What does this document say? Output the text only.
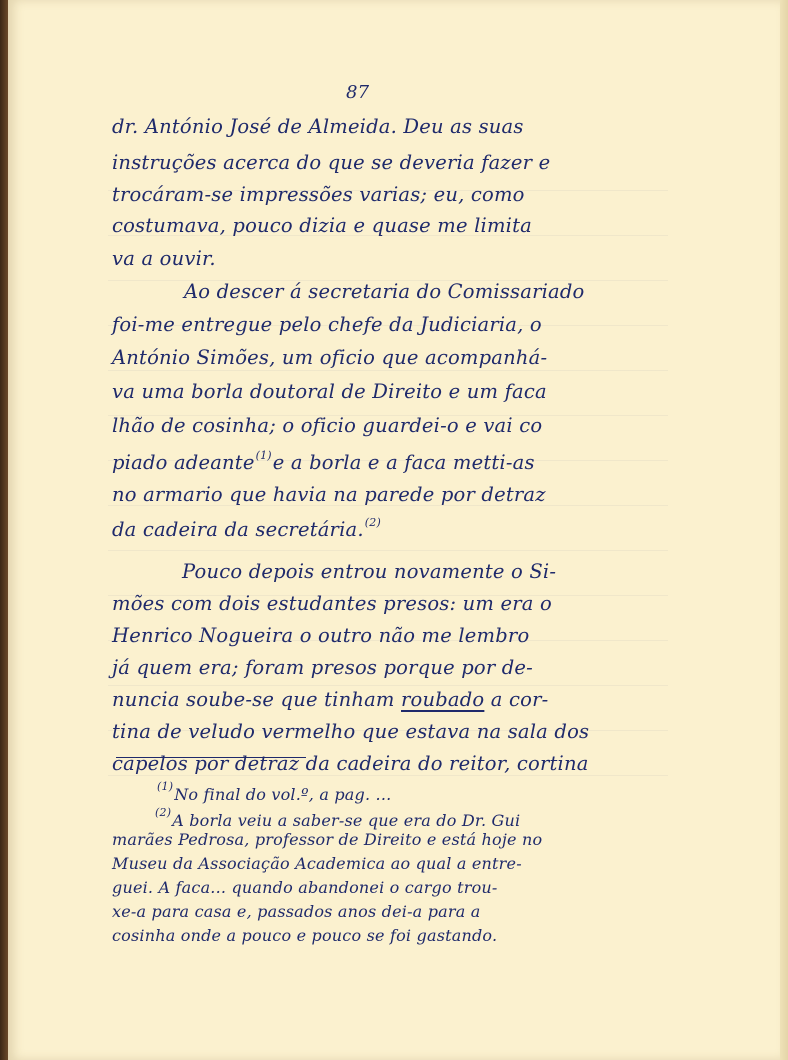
87
dr. António José de Almeida. Deu as suas
instruções acerca do que se deveria fazer e
trocáram-se impressões varias; eu, como
costumava, pouco dizia e quase me limita
va a ouvir.
Ao descer á secretaria do Comissariado
foi-me entregue pelo chefe da Judiciaria, o
António Simões, um oficio que acompanhá-
va uma borla doutoral de Direito e um faca
lhão de cosinha; o oficio guardei-o e vai co
piado adeante$^{(1)}$e a borla e a faca metti-as
no armario que havia na parede por detraz
da cadeira da secretária.$^{(2)}$
Pouco depois entrou novamente o Si-
mões com dois estudantes presos: um era o
Henrico Nogueira o outro não me lembro
já quem era; foram presos porque por de-
nuncia soube-se que tinham roubado a cor-
tina de veludo vermelho que estava na sala dos
capelos por detraz da cadeira do reitor, cortina
$^{(1)}$No final do vol.º, a pag. ...
$^{(2)}$A borla veiu a saber-se que era do Dr. Gui
marães Pedrosa, professor de Direito e está hoje no
Museu da Associação Academica ao qual a entre-
guei. A faca... quando abandonei o cargo trou-
xe-a para casa e, passados anos dei-a para a
cosinha onde a pouco e pouco se foi gastando.
